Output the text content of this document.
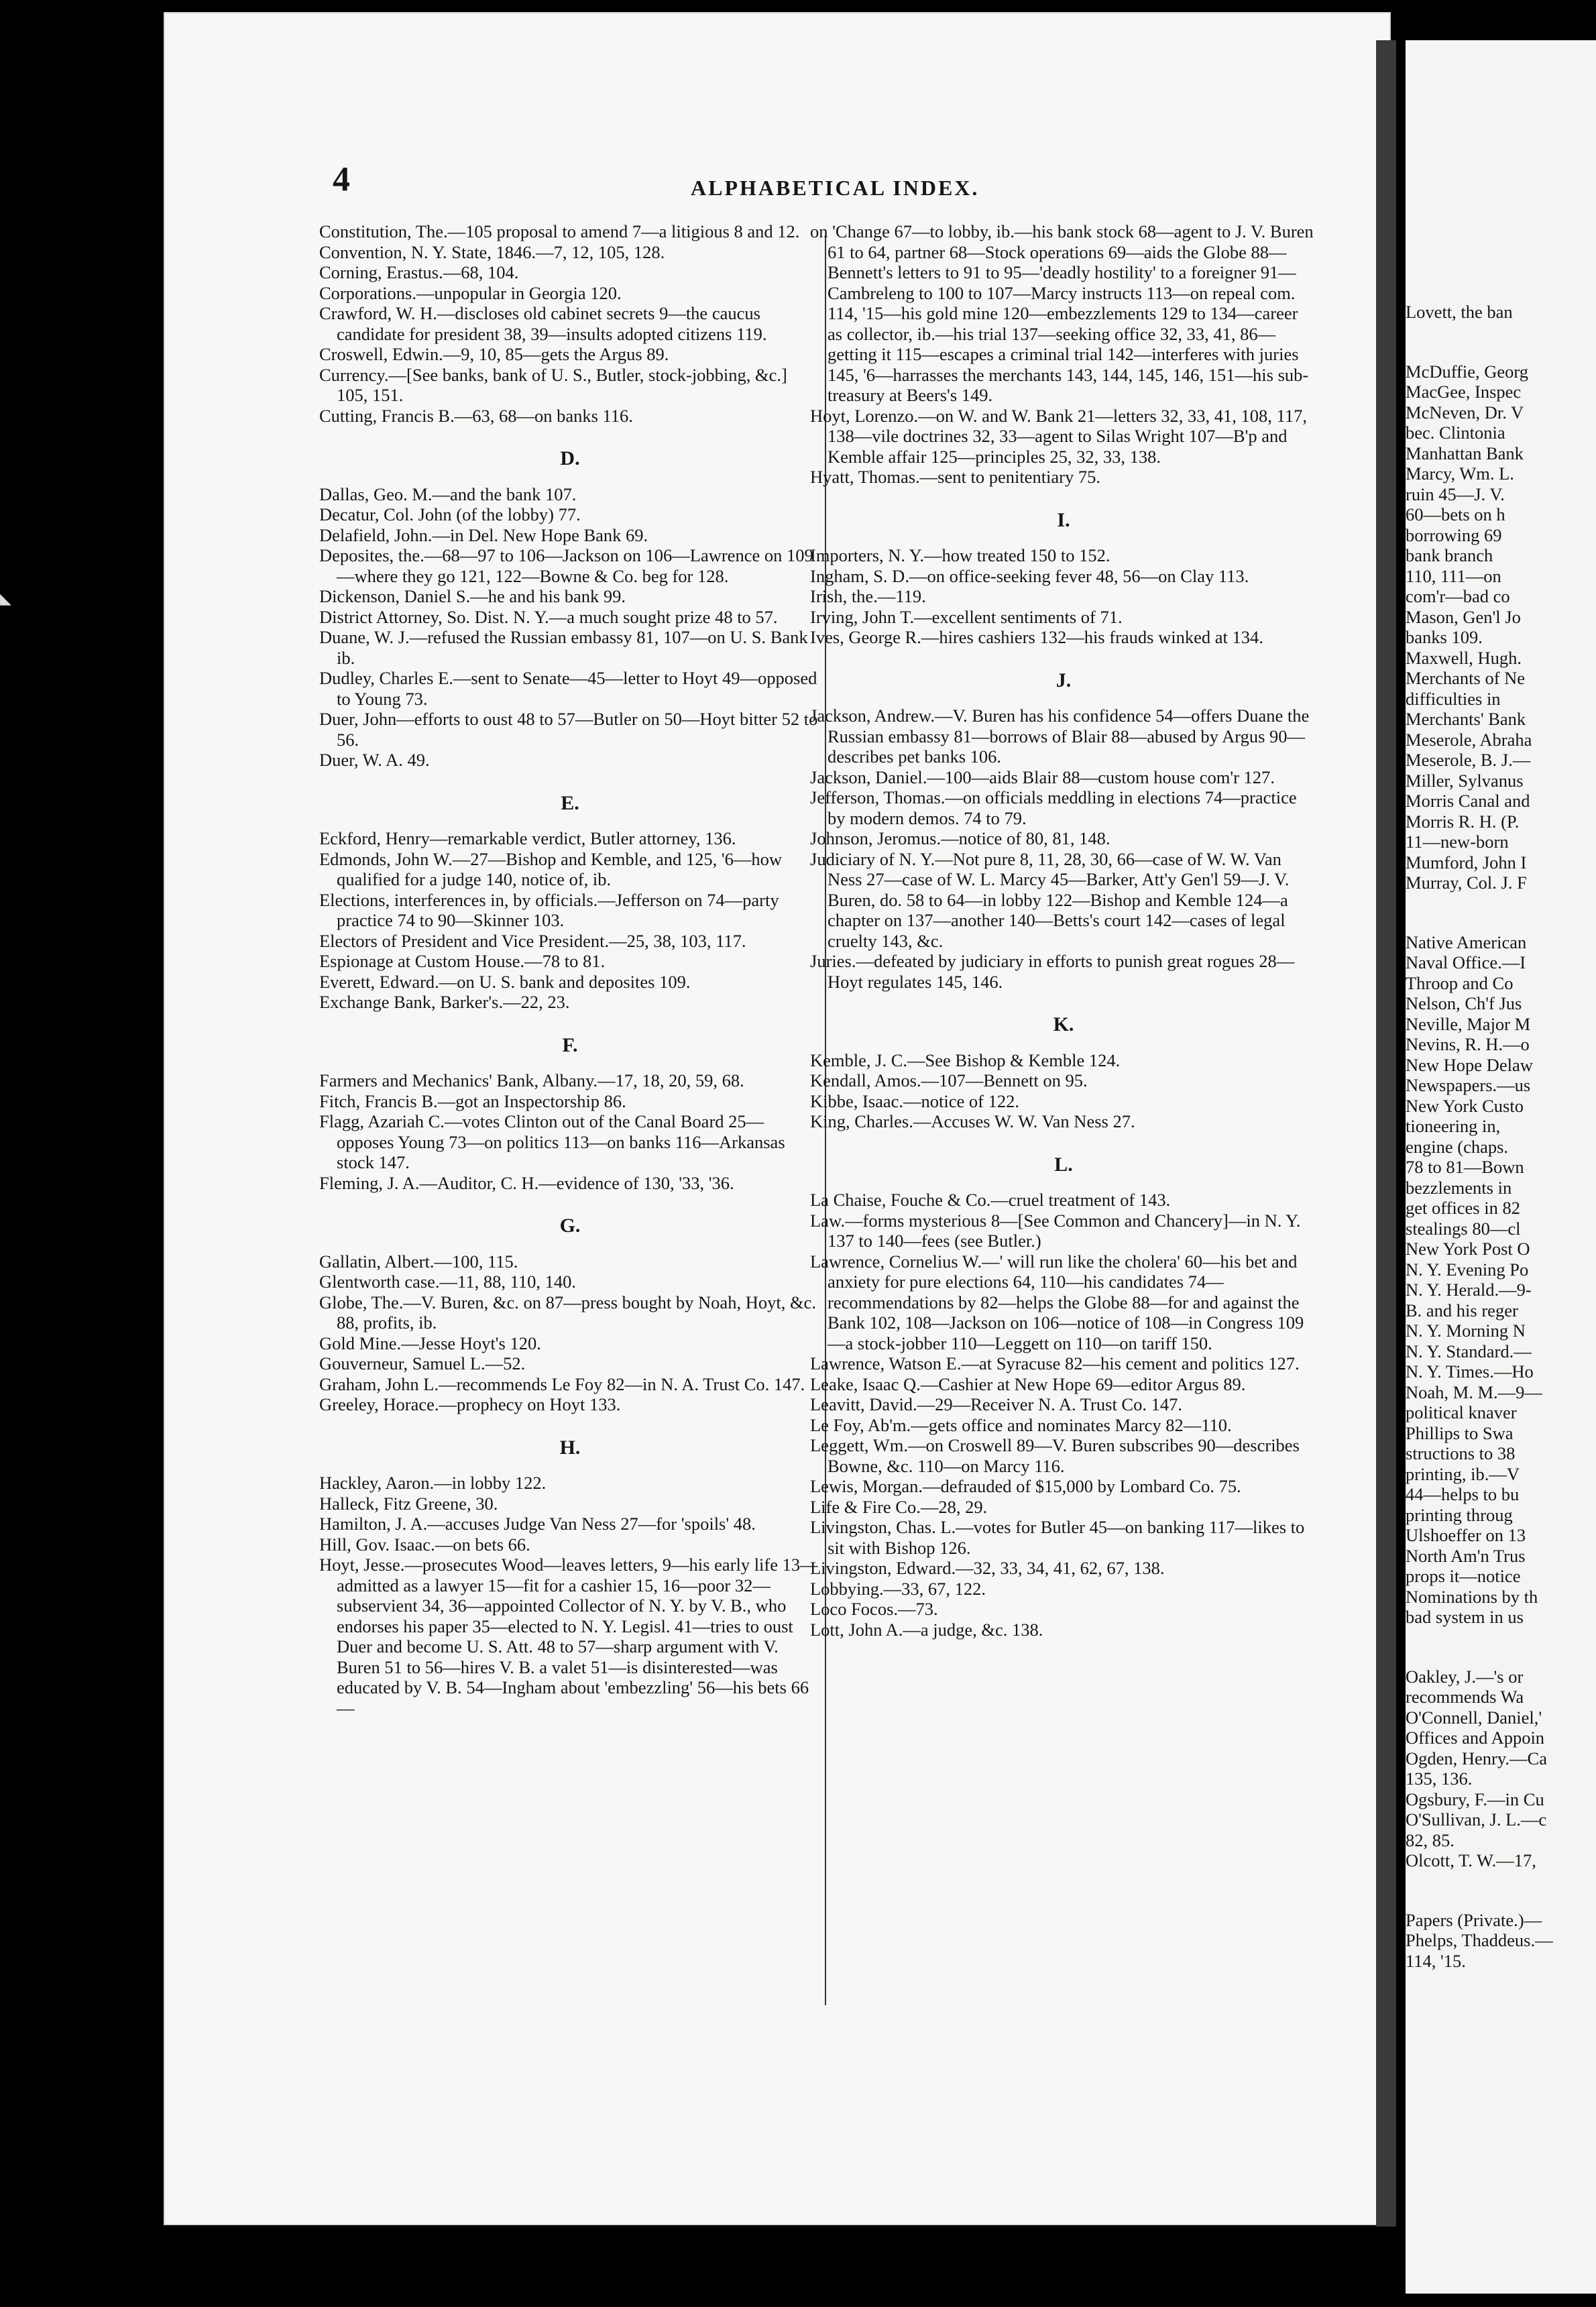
Lovett, the ban
McDuffie, Georg
MacGee, Inspec
McNeven, Dr. V
bec. Clintonia
Manhattan Bank
Marcy, Wm. L.
ruin 45—J. V.
60—bets on h
borrowing 69
bank branch
110, 111—on
com'r—bad co
Mason, Gen'l Jo
banks 109.
Maxwell, Hugh.
Merchants of Ne
difficulties in
Merchants' Bank
Meserole, Abraha
Meserole, B. J.—
Miller, Sylvanus
Morris Canal and
Morris R. H. (P.
11—new-born
Mumford, John I
Murray, Col. J. F
Native American
Naval Office.—I
Throop and Co
Nelson, Ch'f Jus
Neville, Major M
Nevins, R. H.—o
New Hope Delaw
Newspapers.—us
New York Custo
tioneering in,
engine (chaps.
78 to 81—Bown
bezzlements in
get offices in 82
stealings 80—cl
New York Post O
N. Y. Evening Po
N. Y. Herald.—9-
B. and his reger
N. Y. Morning N
N. Y. Standard.—
N. Y. Times.—Ho
Noah, M. M.—9—
political knaver
Phillips to Swa
structions to 38
printing, ib.—V
44—helps to bu
printing throug
Ulshoeffer on 13
North Am'n Trus
props it—notice
Nominations by th
bad system in us
Oakley, J.—'s or
recommends Wa
O'Connell, Daniel,'
Offices and Appoin
Ogden, Henry.—Ca
135, 136.
Ogsbury, F.—in Cu
O'Sullivan, J. L.—c
82, 85.
Olcott, T. W.—17,
Papers (Private.)—
Phelps, Thaddeus.—
114, '15.
◣
4	ALPHABETICAL INDEX.
Constitution, The.—105 proposal to amend 7—a litigious 8 and 12.
Convention, N. Y. State, 1846.—7, 12, 105, 128.
Corning, Erastus.—68, 104.
Corporations.—unpopular in Georgia 120.
Crawford, W. H.—discloses old cabinet secrets 9—the caucus candidate for president 38, 39—insults adopted citizens 119.
Croswell, Edwin.—9, 10, 85—gets the Argus 89.
Currency.—[See banks, bank of U. S., Butler, stock-jobbing, &c.] 105, 151.
Cutting, Francis B.—63, 68—on banks 116.
D.
Dallas, Geo. M.—and the bank 107.
Decatur, Col. John (of the lobby) 77.
Delafield, John.—in Del. New Hope Bank 69.
Deposites, the.—68—97 to 106—Jackson on 106—Lawrence on 109—where they go 121, 122—Bowne & Co. beg for 128.
Dickenson, Daniel S.—he and his bank 99.
District Attorney, So. Dist. N. Y.—a much sought prize 48 to 57.
Duane, W. J.—refused the Russian embassy 81, 107—on U. S. Bank ib.
Dudley, Charles E.—sent to Senate—45—letter to Hoyt 49—opposed to Young 73.
Duer, John—efforts to oust 48 to 57—Butler on 50—Hoyt bitter 52 to 56.
Duer, W. A. 49.
E.
Eckford, Henry—remarkable verdict, Butler attorney, 136.
Edmonds, John W.—27—Bishop and Kemble, and 125, '6—how qualified for a judge 140, notice of, ib.
Elections, interferences in, by officials.—Jefferson on 74—party practice 74 to 90—Skinner 103.
Electors of President and Vice President.—25, 38, 103, 117.
Espionage at Custom House.—78 to 81.
Everett, Edward.—on U. S. bank and deposites 109.
Exchange Bank, Barker's.—22, 23.
F.
Farmers and Mechanics' Bank, Albany.—17, 18, 20, 59, 68.
Fitch, Francis B.—got an Inspectorship 86.
Flagg, Azariah C.—votes Clinton out of the Canal Board 25—opposes Young 73—on politics 113—on banks 116—Arkansas stock 147.
Fleming, J. A.—Auditor, C. H.—evidence of 130, '33, '36.
G.
Gallatin, Albert.—100, 115.
Glentworth case.—11, 88, 110, 140.
Globe, The.—V. Buren, &c. on 87—press bought by Noah, Hoyt, &c. 88, profits, ib.
Gold Mine.—Jesse Hoyt's 120.
Gouverneur, Samuel L.—52.
Graham, John L.—recommends Le Foy 82—in N. A. Trust Co. 147.
Greeley, Horace.—prophecy on Hoyt 133.
H.
Hackley, Aaron.—in lobby 122.
Halleck, Fitz Greene, 30.
Hamilton, J. A.—accuses Judge Van Ness 27—for 'spoils' 48.
Hill, Gov. Isaac.—on bets 66.
Hoyt, Jesse.—prosecutes Wood—leaves letters, 9—his early life 13—admitted as a lawyer 15—fit for a cashier 15, 16—poor 32—subservient 34, 36—appointed Collector of N. Y. by V. B., who endorses his paper 35—elected to N. Y. Legisl. 41—tries to oust Duer and become U. S. Att. 48 to 57—sharp argument with V. Buren 51 to 56—hires V. B. a valet 51—is disinterested—was educated by V. B. 54—Ingham about 'embezzling' 56—his bets 66—
on 'Change 67—to lobby, ib.—his bank stock 68—agent to J. V. Buren 61 to 64, partner 68—Stock operations 69—aids the Globe 88—Bennett's letters to 91 to 95—'deadly hostility' to a foreigner 91—Cambreleng to 100 to 107—Marcy instructs 113—on repeal com. 114, '15—his gold mine 120—embezzlements 129 to 134—career as collector, ib.—his trial 137—seeking office 32, 33, 41, 86—getting it 115—escapes a criminal trial 142—interferes with juries 145, '6—harrasses the merchants 143, 144, 145, 146, 151—his sub-treasury at Beers's 149.
Hoyt, Lorenzo.—on W. and W. Bank 21—letters 32, 33, 41, 108, 117, 138—vile doctrines 32, 33—agent to Silas Wright 107—B'p and Kemble affair 125—principles 25, 32, 33, 138.
Hyatt, Thomas.—sent to penitentiary 75.
I.
Importers, N. Y.—how treated 150 to 152.
Ingham, S. D.—on office-seeking fever 48, 56—on Clay 113.
Irish, the.—119.
Irving, John T.—excellent sentiments of 71.
Ives, George R.—hires cashiers 132—his frauds winked at 134.
J.
Jackson, Andrew.—V. Buren has his confidence 54—offers Duane the Russian embassy 81—borrows of Blair 88—abused by Argus 90—describes pet banks 106.
Jackson, Daniel.—100—aids Blair 88—custom house com'r 127.
Jefferson, Thomas.—on officials meddling in elections 74—practice by modern demos. 74 to 79.
Johnson, Jeromus.—notice of 80, 81, 148.
Judiciary of N. Y.—Not pure 8, 11, 28, 30, 66—case of W. W. Van Ness 27—case of W. L. Marcy 45—Barker, Att'y Gen'l 59—J. V. Buren, do. 58 to 64—in lobby 122—Bishop and Kemble 124—a chapter on 137—another 140—Betts's court 142—cases of legal cruelty 143, &c.
Juries.—defeated by judiciary in efforts to punish great rogues 28—Hoyt regulates 145, 146.
K.
Kemble, J. C.—See Bishop & Kemble 124.
Kendall, Amos.—107—Bennett on 95.
Kibbe, Isaac.—notice of 122.
King, Charles.—Accuses W. W. Van Ness 27.
L.
La Chaise, Fouche & Co.—cruel treatment of 143.
Law.—forms mysterious 8—[See Common and Chancery]—in N. Y. 137 to 140—fees (see Butler.)
Lawrence, Cornelius W.—' will run like the cholera' 60—his bet and anxiety for pure elections 64, 110—his candidates 74—recommendations by 82—helps the Globe 88—for and against the Bank 102, 108—Jackson on 106—notice of 108—in Congress 109—a stock-jobber 110—Leggett on 110—on tariff 150.
Lawrence, Watson E.—at Syracuse 82—his cement and politics 127.
Leake, Isaac Q.—Cashier at New Hope 69—editor Argus 89.
Leavitt, David.—29—Receiver N. A. Trust Co. 147.
Le Foy, Ab'm.—gets office and nominates Marcy 82—110.
Leggett, Wm.—on Croswell 89—V. Buren subscribes 90—describes Bowne, &c. 110—on Marcy 116.
Lewis, Morgan.—defrauded of $15,000 by Lombard Co. 75.
Life & Fire Co.—28, 29.
Livingston, Chas. L.—votes for Butler 45—on banking 117—likes to sit with Bishop 126.
Livingston, Edward.—32, 33, 34, 41, 62, 67, 138.
Lobbying.—33, 67, 122.
Loco Focos.—73.
Lott, John A.—a judge, &c. 138.
